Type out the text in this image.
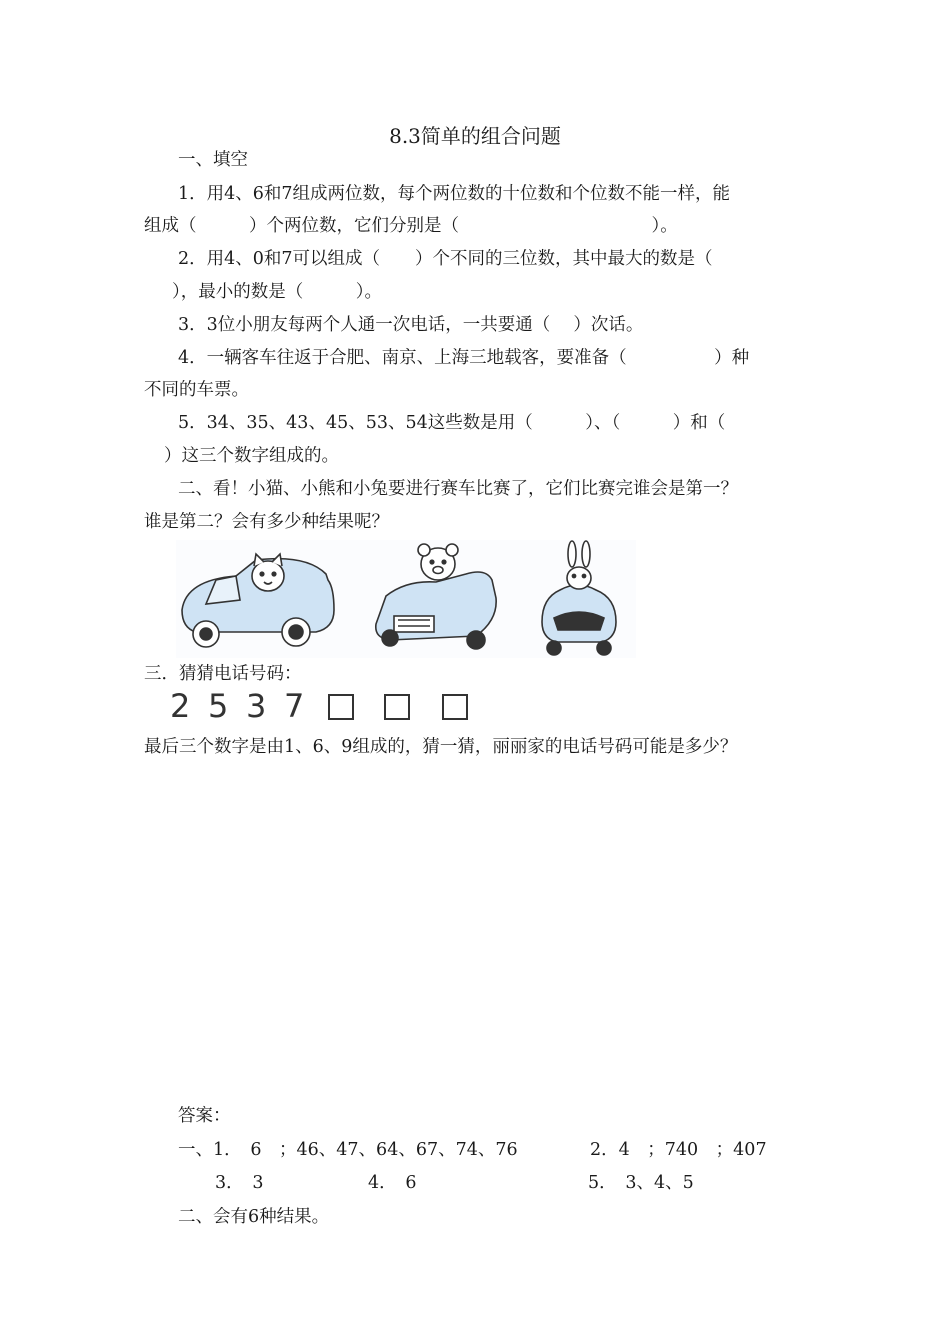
8.3简单的组合问题
一、填空
1．用4、6和7组成两位数，每个两位数的十位数和个位数不能一样，能
组成（　　　）个两位数，它们分别是（　　　　　　　　　　　）。
2．用4、0和7可以组成（　　）个不同的三位数，其中最大的数是（
），最小的数是（　　　）。
3．3位小朋友每两个人通一次电话，一共要通（　 ）次话。
4．一辆客车往返于合肥、南京、上海三地载客，要准备（　　　　　）种
不同的车票。
5．34、35、43、45、53、54这些数是用（　　　）、（　　　）和（
）这三个数字组成的。
二、看！小猫、小熊和小兔要进行赛车比赛了，它们比赛完谁会是第一？
谁是第二？会有多少种结果呢？
三．猜猜电话号码：
2 5 3 7
最后三个数字是由1、6、9组成的，猜一猜，丽丽家的电话号码可能是多少？
答案：
一、1．　6　；46、47、64、67、74、76	2．4　；740　；407
3．　3	4．　6	5．　3、4、5
二、会有6种结果。
